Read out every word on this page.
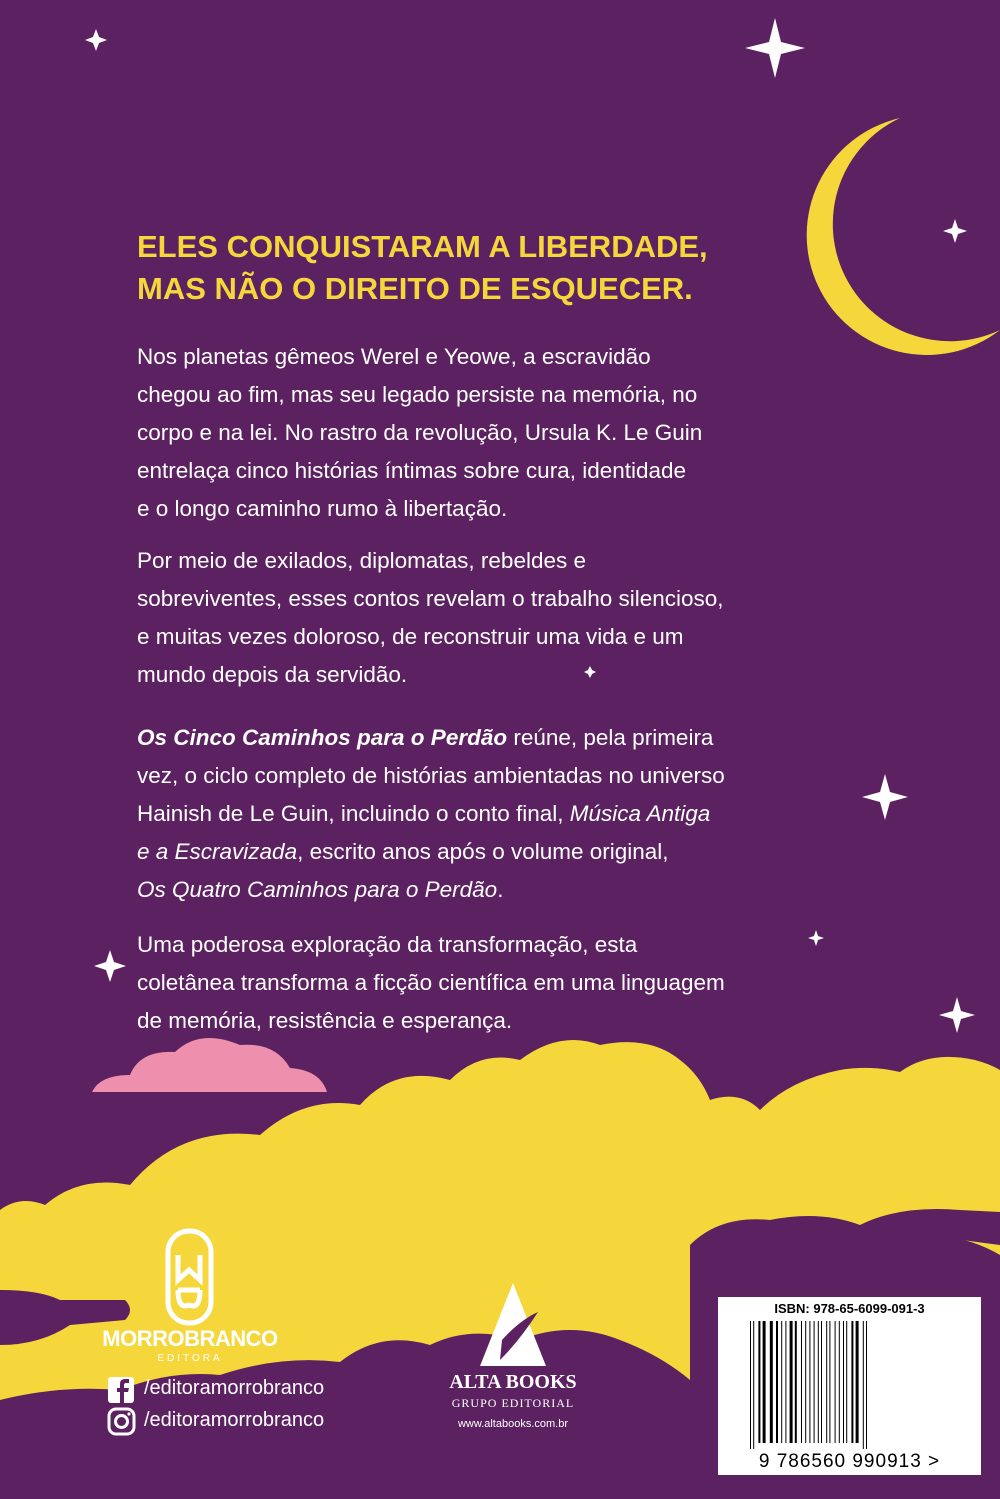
ELES CONQUISTARAM A LIBERDADE,
MAS NÃO O DIREITO DE ESQUECER.

Nos planetas gêmeos Werel e Yeowe, a escravidão
chegou ao fim, mas seu legado persiste na memória, no
corpo e na lei. No rastro da revolução, Ursula K. Le Guin
entrelaça cinco histórias íntimas sobre cura, identidade
e o longo caminho rumo à libertação.

Por meio de exilados, diplomatas, rebeldes e
sobreviventes, esses contos revelam o trabalho silencioso,
e muitas vezes doloroso, de reconstruir uma vida e um
mundo depois da servidão.

Os Cinco Caminhos para o Perdão reúne, pela primeira
vez, o ciclo completo de histórias ambientadas no universo
Hainish de Le Guin, incluindo o conto final, Música Antiga
e a Escravizada, escrito anos após o volume original,
Os Quatro Caminhos para o Perdão.

Uma poderosa exploração da transformação, esta
coletânea transforma a ficção científica em uma linguagem
de memória, resistência e esperança.

MORROBRANCO
EDITORA
/editoramorrobranco
/editoramorrobranco
ALTA BOOKS
GRUPO EDITORIAL
www.altabooks.com.br
ISBN: 978-65-6099-091-3
9 786560 990913 >
